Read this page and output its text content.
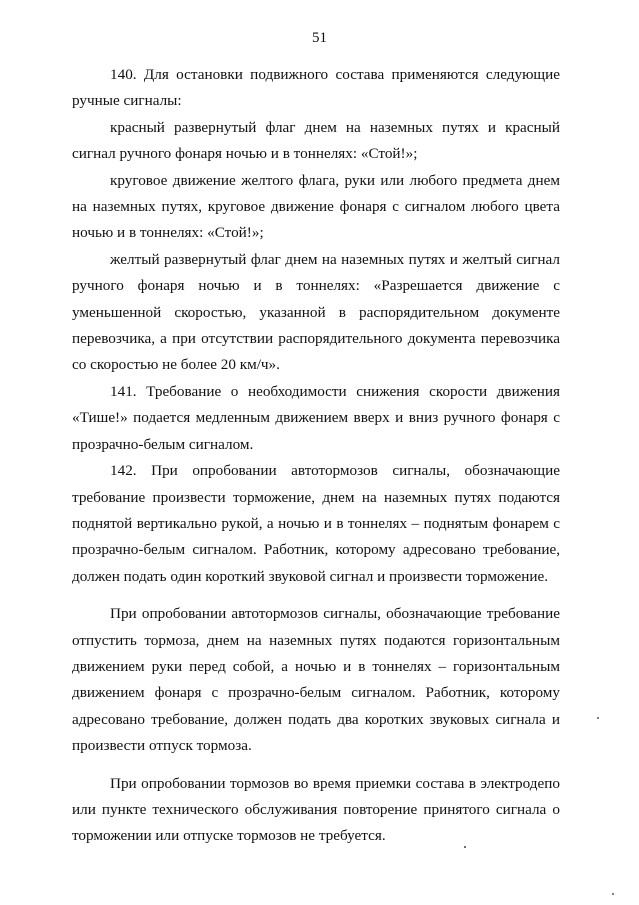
51

140. Для остановки подвижного состава применяются следующие ручные сигналы:

красный развернутый флаг днем на наземных путях и красный сигнал ручного фонаря ночью и в тоннелях: «Стой!»;

круговое движение желтого флага, руки или любого предмета днем на наземных путях, круговое движение фонаря с сигналом любого цвета ночью и в тоннелях: «Стой!»;

желтый развернутый флаг днем на наземных путях и желтый сигнал ручного фонаря ночью и в тоннелях: «Разрешается движение с уменьшенной скоростью, указанной в распорядительном документе перевозчика, а при отсутствии распорядительного документа перевозчика со скоростью не более 20 км/ч».

141. Требование о необходимости снижения скорости движения «Тише!» подается медленным движением вверх и вниз ручного фонаря с прозрачно-белым сигналом.

142. При опробовании автотормозов сигналы, обозначающие требование произвести торможение, днем на наземных путях подаются поднятой вертикально рукой, а ночью и в тоннелях – поднятым фонарем с прозрачно-белым сигналом. Работник, которому адресовано требование, должен подать один короткий звуковой сигнал и произвести торможение.

При опробовании автотормозов сигналы, обозначающие требование отпустить тормоза, днем на наземных путях подаются горизонтальным движением руки перед собой, а ночью и в тоннелях – горизонтальным движением фонаря с прозрачно-белым сигналом. Работник, которому адресовано требование, должен подать два коротких звуковых сигнала и произвести отпуск тормоза.

При опробовании тормозов во время приемки состава в электродепо или пункте технического обслуживания повторение принятого сигнала о торможении или отпуске тормозов не требуется.
